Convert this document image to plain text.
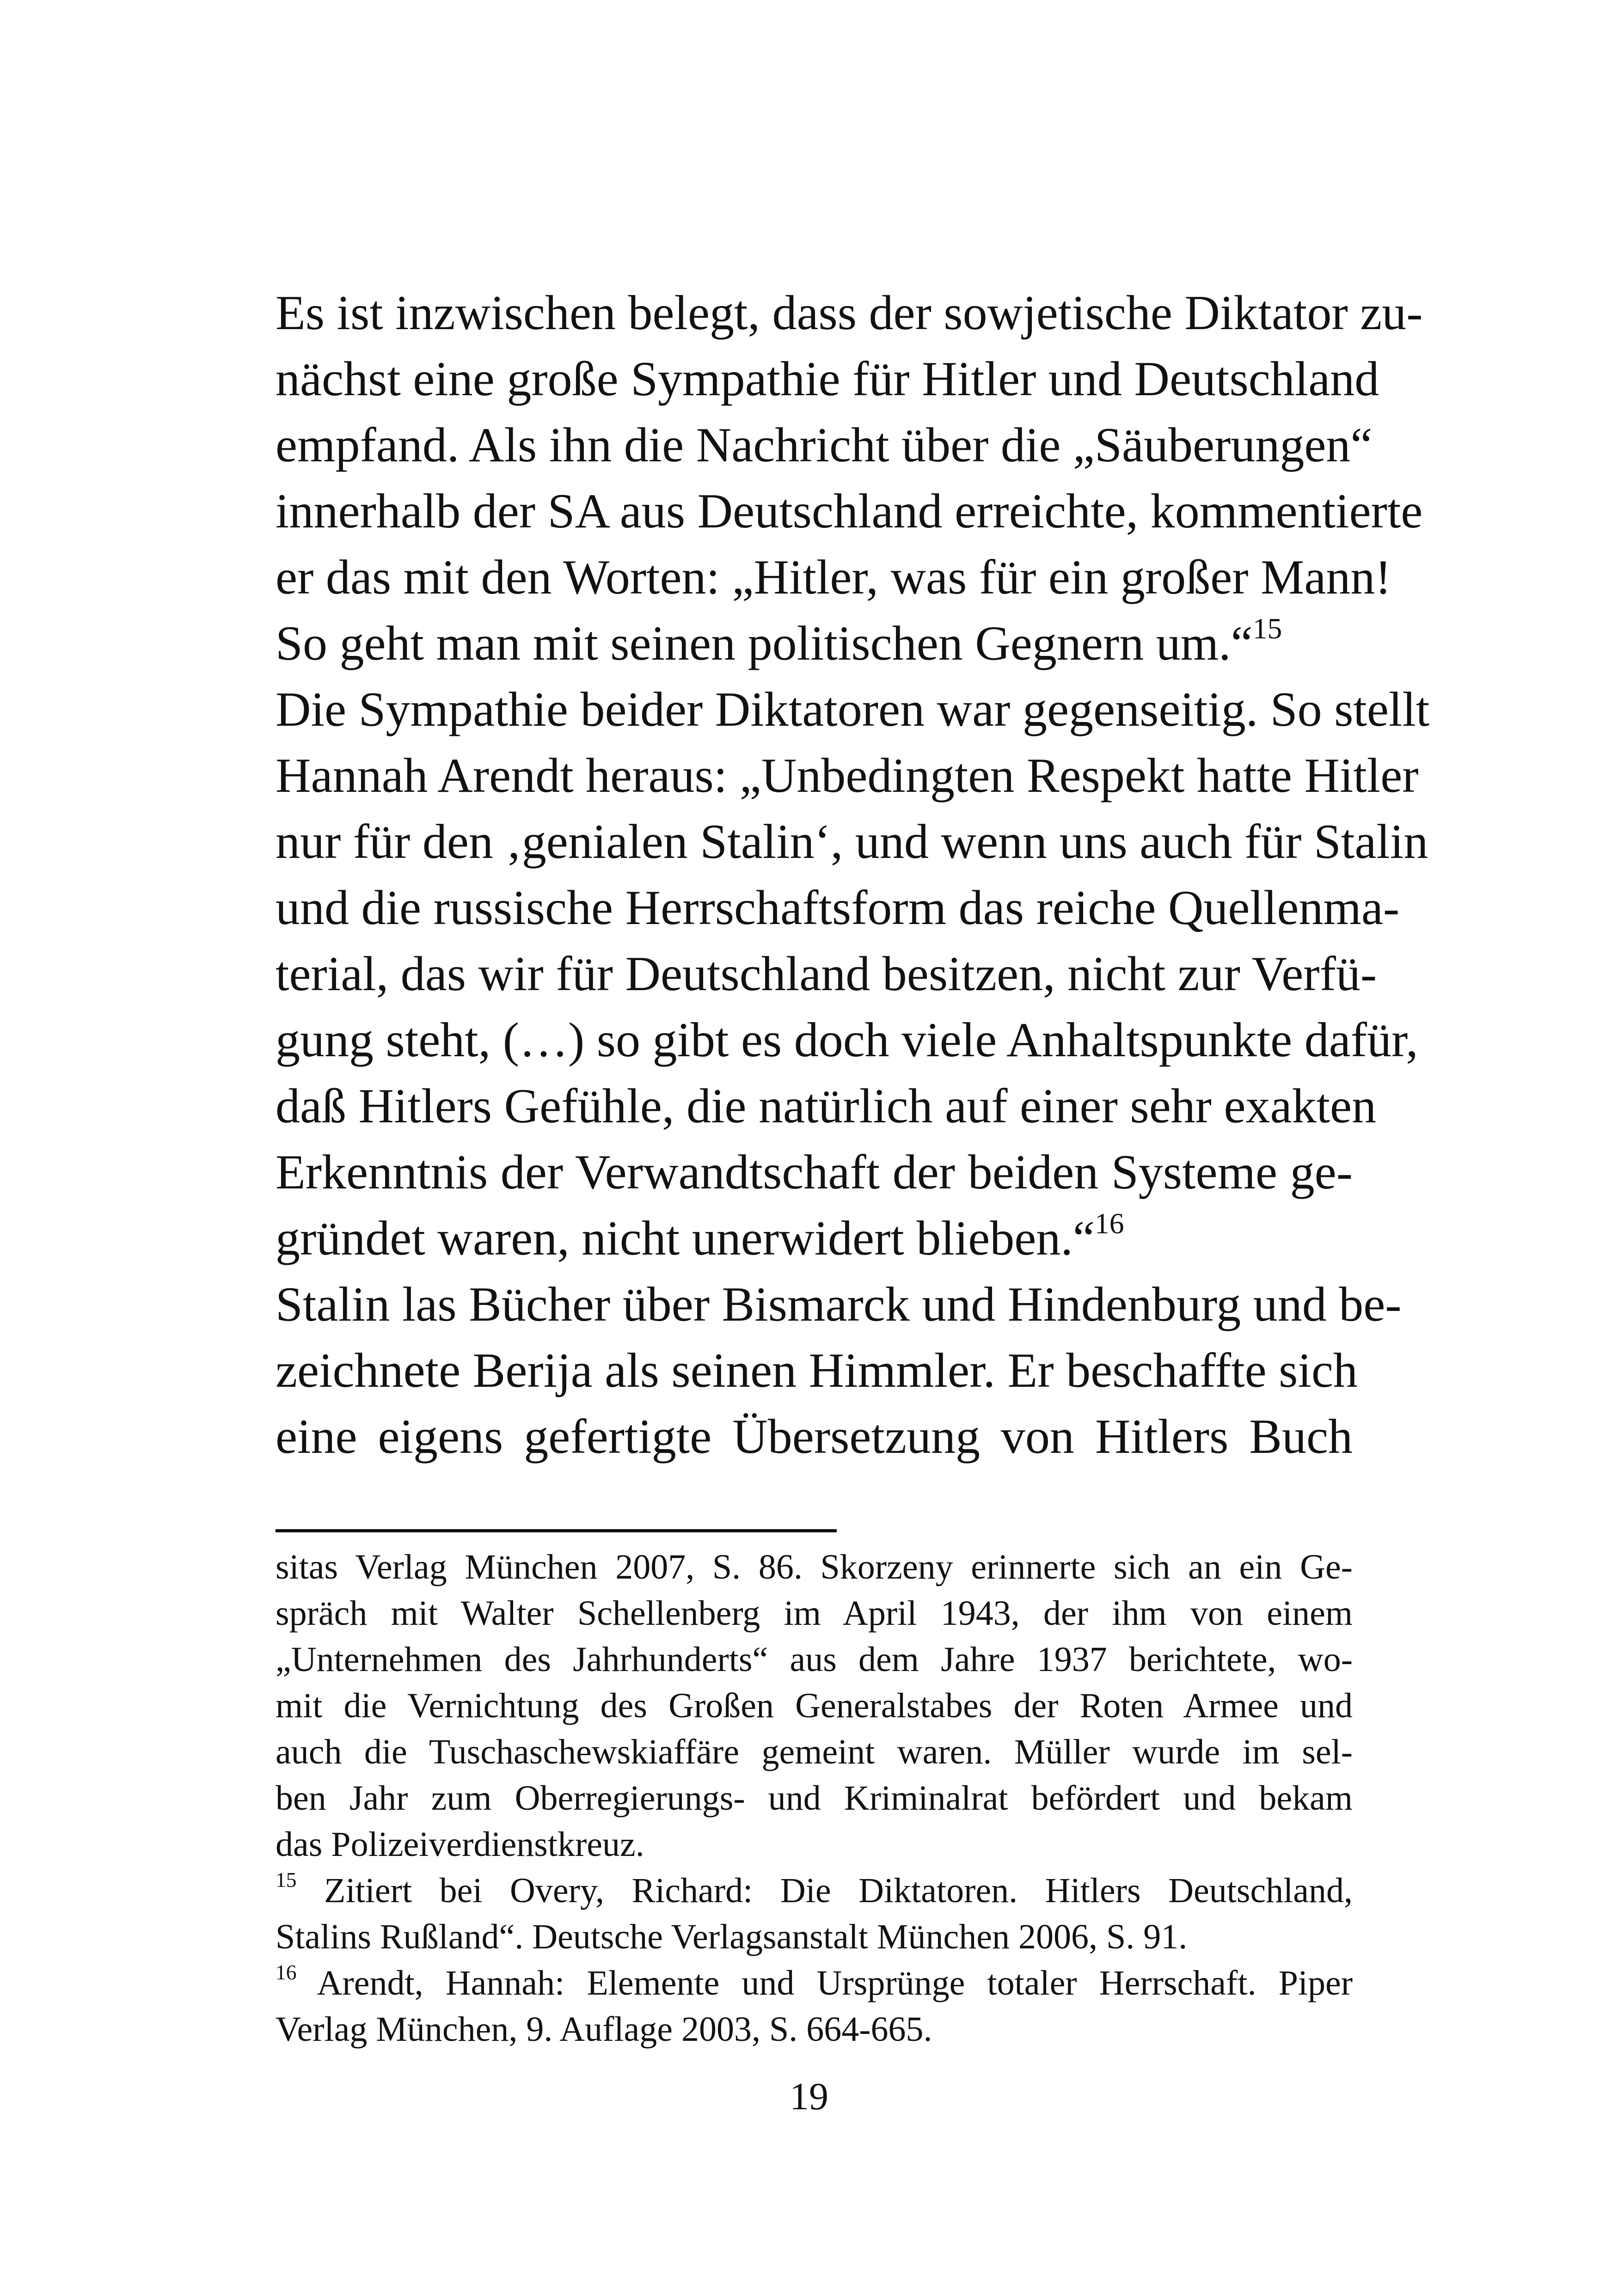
Es ist inzwischen belegt, dass der sowjetische Diktator zu-

nächst eine große Sympathie für Hitler und Deutschland

empfand. Als ihn die Nachricht über die „Säuberungen“

innerhalb der SA aus Deutschland erreichte, kommentierte

er das mit den Worten: „Hitler, was für ein großer Mann!

So geht man mit seinen politischen Gegnern um.“$^{15}$

Die Sympathie beider Diktatoren war gegenseitig. So stellt

Hannah Arendt heraus: „Unbedingten Respekt hatte Hitler

nur für den ‚genialen Stalin‘, und wenn uns auch für Stalin

und die russische Herrschaftsform das reiche Quellenma-

terial, das wir für Deutschland besitzen, nicht zur Verfü-

gung steht, (…) so gibt es doch viele Anhaltspunkte dafür,

daß Hitlers Gefühle, die natürlich auf einer sehr exakten

Erkenntnis der Verwandtschaft der beiden Systeme ge-

gründet waren, nicht unerwidert blieben.“$^{16}$

Stalin las Bücher über Bismarck und Hindenburg und be-

zeichnete Berija als seinen Himmler. Er beschaffte sich

eine eigens gefertigte Übersetzung von Hitlers Buch

sitas Verlag München 2007, S. 86. Skorzeny erinnerte sich an ein Ge-

spräch mit Walter Schellenberg im April 1943, der ihm von einem

„Unternehmen des Jahrhunderts“ aus dem Jahre 1937 berichtete, wo-

mit die Vernichtung des Großen Generalstabes der Roten Armee und

auch die Tuschaschewskiaffäre gemeint waren. Müller wurde im sel-

ben Jahr zum Oberregierungs- und Kriminalrat befördert und bekam

das Polizeiverdienstkreuz.

$^{15}$ Zitiert bei Overy, Richard: Die Diktatoren. Hitlers Deutschland,

Stalins Rußland“. Deutsche Verlagsanstalt München 2006, S. 91.

$^{16}$ Arendt, Hannah: Elemente und Ursprünge totaler Herrschaft. Piper

Verlag München, 9. Auflage 2003, S. 664-665.

19
